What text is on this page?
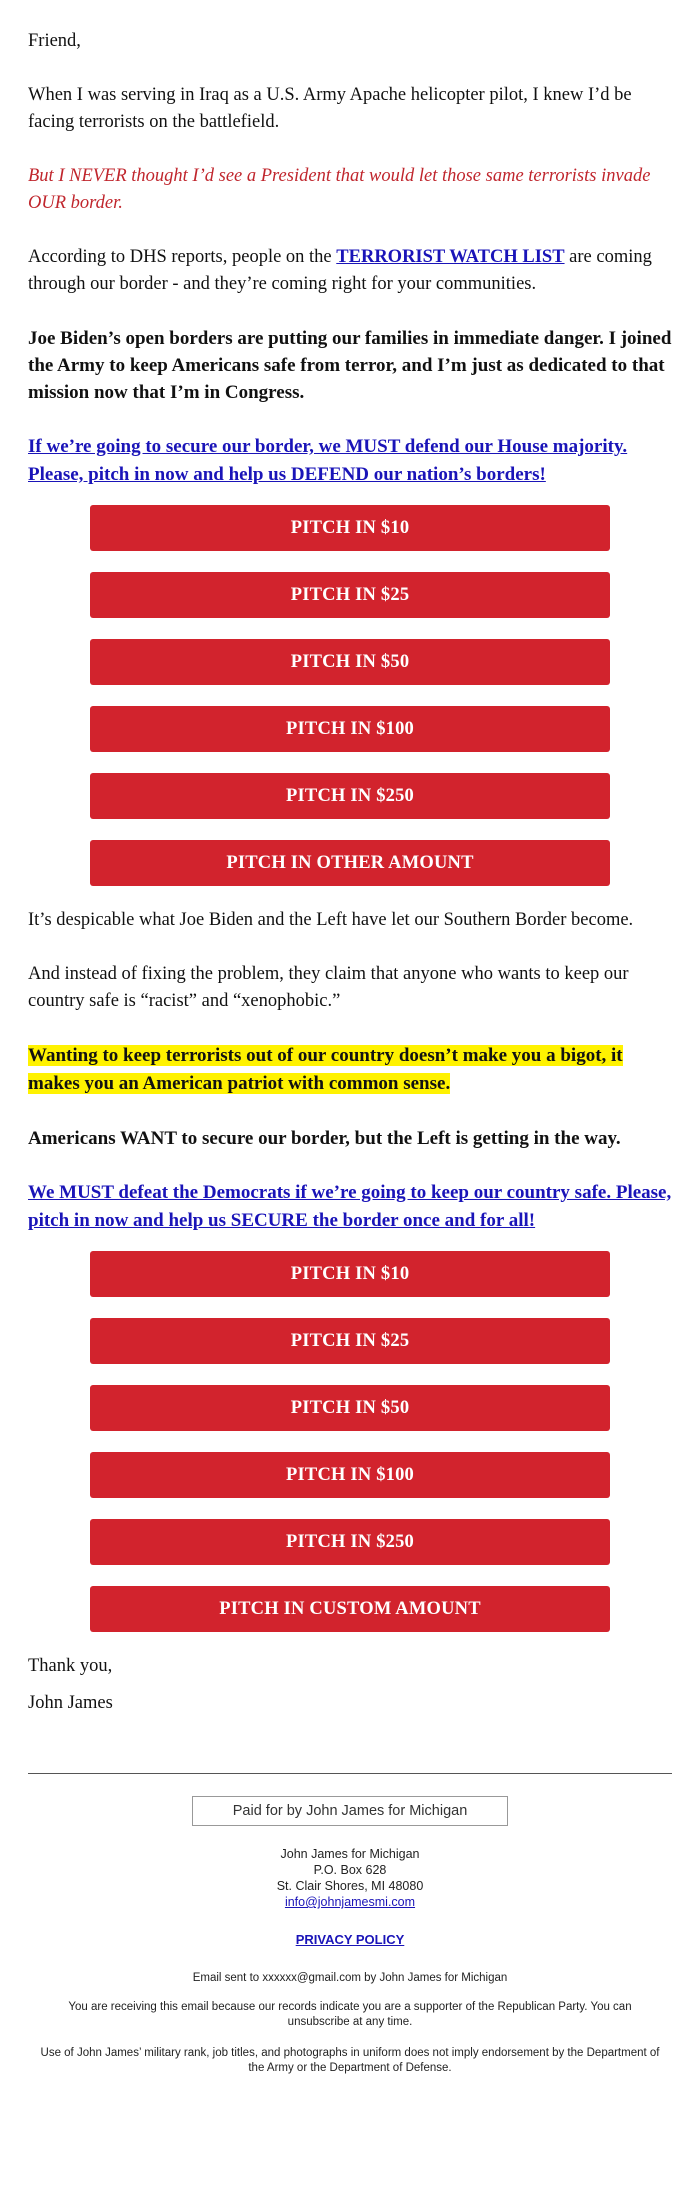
Friend,

When I was serving in Iraq as a U.S. Army Apache helicopter pilot, I knew I’d be facing terrorists on the battlefield.

But I NEVER thought I’d see a President that would let those same terrorists invade OUR border.

According to DHS reports, people on the TERRORIST WATCH LIST are coming through our border - and they’re coming right for your communities.

Joe Biden’s open borders are putting our families in immediate danger. I joined the Army to keep Americans safe from terror, and I’m just as dedicated to that mission now that I’m in Congress.

If we’re going to secure our border, we MUST defend our House majority. Please, pitch in now and help us DEFEND our nation’s borders!

PITCH IN $10
PITCH IN $25
PITCH IN $50
PITCH IN $100
PITCH IN $250
PITCH IN OTHER AMOUNT

It’s despicable what Joe Biden and the Left have let our Southern Border become.

And instead of fixing the problem, they claim that anyone who wants to keep our country safe is “racist” and “xenophobic.”

Wanting to keep terrorists out of our country doesn’t make you a bigot, it makes you an American patriot with common sense.

Americans WANT to secure our border, but the Left is getting in the way.

We MUST defeat the Democrats if we’re going to keep our country safe. Please, pitch in now and help us SECURE the border once and for all!

PITCH IN $10
PITCH IN $25
PITCH IN $50
PITCH IN $100
PITCH IN $250
PITCH IN CUSTOM AMOUNT

Thank you,

John James

Paid for by John James for Michigan
John James for Michigan
P.O. Box 628
St. Clair Shores, MI 48080
info@johnjamesmi.com
PRIVACY POLICY
Email sent to xxxxxx@gmail.com by John James for Michigan
You are receiving this email because our records indicate you are a supporter of the Republican Party. You can unsubscribe at any time.
Use of John James’ military rank, job titles, and photographs in uniform does not imply endorsement by the Department of the Army or the Department of Defense.
